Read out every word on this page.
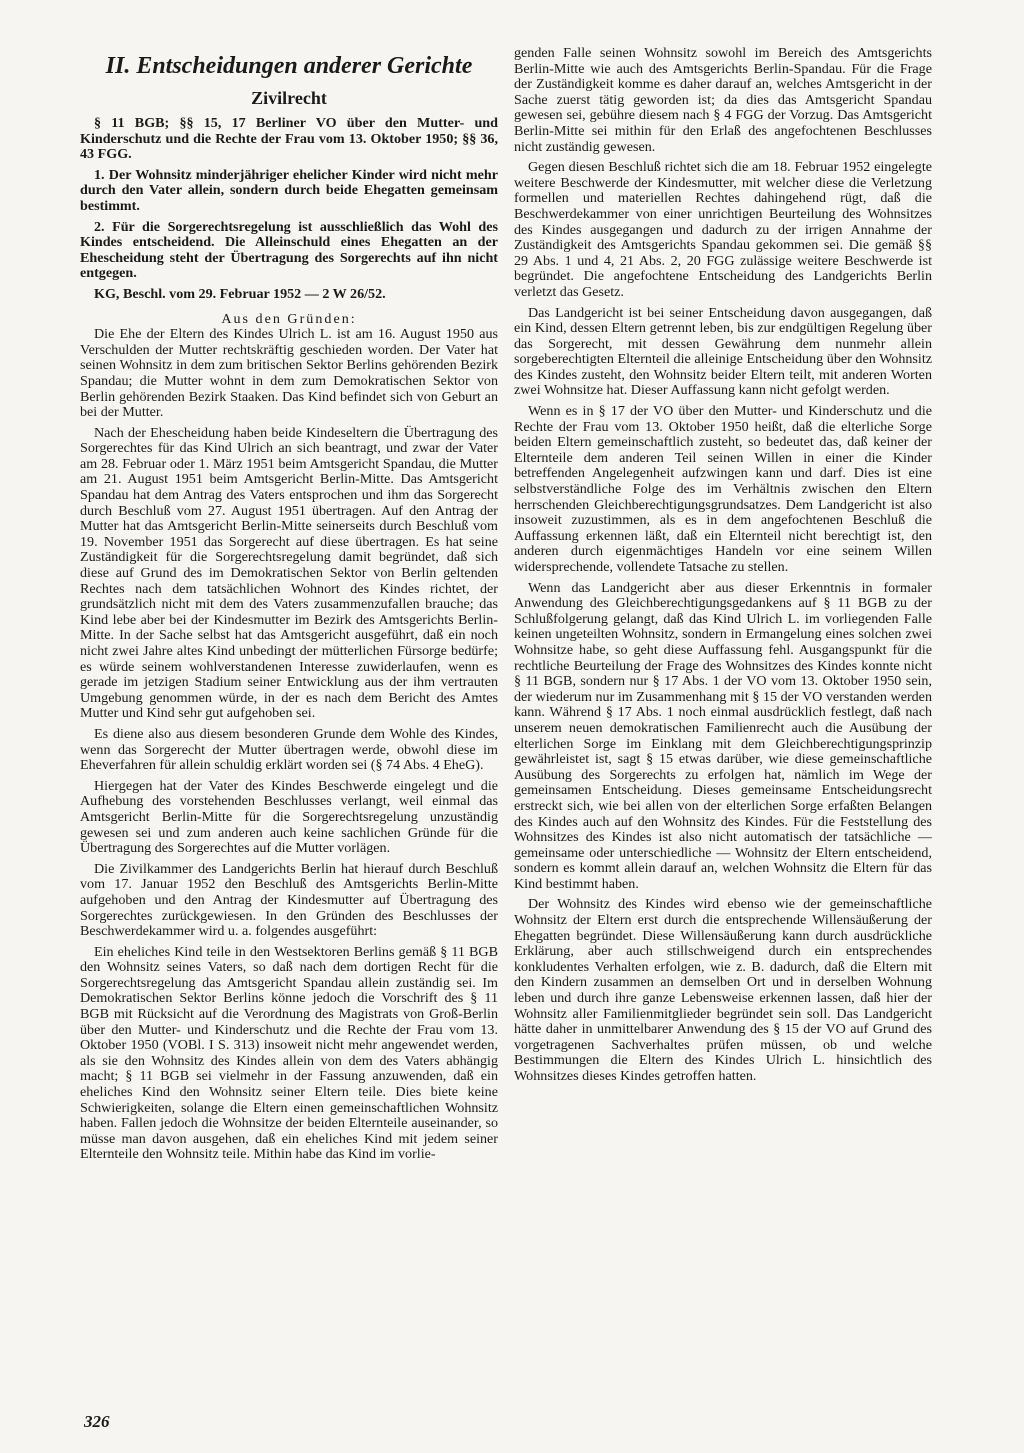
II. Entscheidungen anderer Gerichte
Zivilrecht

§ 11 BGB; §§ 15, 17 Berliner VO über den Mutter- und Kinderschutz und die Rechte der Frau vom 13. Oktober 1950; §§ 36, 43 FGG.

1. Der Wohnsitz minderjähriger ehelicher Kinder wird nicht mehr durch den Vater allein, sondern durch beide Ehegatten gemeinsam bestimmt.

2. Für die Sorgerechtsregelung ist ausschließlich das Wohl des Kindes entscheidend. Die Alleinschuld eines Ehegatten an der Ehescheidung steht der Übertragung des Sorgerechts auf ihn nicht entgegen.

KG, Beschl. vom 29. Februar 1952 — 2 W 26/52.

Aus den Gründen:

Die Ehe der Eltern des Kindes Ulrich L. ist am 16. August 1950 aus Verschulden der Mutter rechtskräftig geschieden worden. Der Vater hat seinen Wohnsitz in dem zum britischen Sektor Berlins gehörenden Bezirk Spandau; die Mutter wohnt in dem zum Demokratischen Sektor von Berlin gehörenden Bezirk Staaken. Das Kind befindet sich von Geburt an bei der Mutter.

Nach der Ehescheidung haben beide Kindeseltern die Übertragung des Sorgerechtes für das Kind Ulrich an sich beantragt, und zwar der Vater am 28. Februar oder 1. März 1951 beim Amtsgericht Spandau, die Mutter am 21. August 1951 beim Amtsgericht Berlin-Mitte. Das Amtsgericht Spandau hat dem Antrag des Vaters entsprochen und ihm das Sorgerecht durch Beschluß vom 27. August 1951 übertragen. Auf den Antrag der Mutter hat das Amtsgericht Berlin-Mitte seinerseits durch Beschluß vom 19. November 1951 das Sorgerecht auf diese übertragen. Es hat seine Zuständigkeit für die Sorgerechtsregelung damit begründet, daß sich diese auf Grund des im Demokratischen Sektor von Berlin geltenden Rechtes nach dem tatsächlichen Wohnort des Kindes richtet, der grundsätzlich nicht mit dem des Vaters zusammenzufallen brauche; das Kind lebe aber bei der Kindesmutter im Bezirk des Amtsgerichts Berlin-Mitte. In der Sache selbst hat das Amtsgericht ausgeführt, daß ein noch nicht zwei Jahre altes Kind unbedingt der mütterlichen Fürsorge bedürfe; es würde seinem wohlverstandenen Interesse zuwiderlaufen, wenn es gerade im jetzigen Stadium seiner Entwicklung aus der ihm vertrauten Umgebung genommen würde, in der es nach dem Bericht des Amtes Mutter und Kind sehr gut aufgehoben sei.

Es diene also aus diesem besonderen Grunde dem Wohle des Kindes, wenn das Sorgerecht der Mutter übertragen werde, obwohl diese im Eheverfahren für allein schuldig erklärt worden sei (§ 74 Abs. 4 EheG).

Hiergegen hat der Vater des Kindes Beschwerde eingelegt und die Aufhebung des vorstehenden Beschlusses verlangt, weil einmal das Amtsgericht Berlin-Mitte für die Sorgerechtsregelung unzuständig gewesen sei und zum anderen auch keine sachlichen Gründe für die Übertragung des Sorgerechtes auf die Mutter vorlägen.

Die Zivilkammer des Landgerichts Berlin hat hierauf durch Beschluß vom 17. Januar 1952 den Beschluß des Amtsgerichts Berlin-Mitte aufgehoben und den Antrag der Kindesmutter auf Übertragung des Sorgerechtes zurückgewiesen. In den Gründen des Beschlusses der Beschwerdekammer wird u. a. folgendes ausgeführt:

Ein eheliches Kind teile in den Westsektoren Berlins gemäß § 11 BGB den Wohnsitz seines Vaters, so daß nach dem dortigen Recht für die Sorgerechtsregelung das Amtsgericht Spandau allein zuständig sei. Im Demokratischen Sektor Berlins könne jedoch die Vorschrift des § 11 BGB mit Rücksicht auf die Verordnung des Magistrats von Groß-Berlin über den Mutter- und Kinderschutz und die Rechte der Frau vom 13. Oktober 1950 (VOBl. I S. 313) insoweit nicht mehr angewendet werden, als sie den Wohnsitz des Kindes allein von dem des Vaters abhängig macht; § 11 BGB sei vielmehr in der Fassung anzuwenden, daß ein eheliches Kind den Wohnsitz seiner Eltern teile. Dies biete keine Schwierigkeiten, solange die Eltern einen gemeinschaftlichen Wohnsitz haben. Fallen jedoch die Wohnsitze der beiden Elternteile auseinander, so müsse man davon ausgehen, daß ein eheliches Kind mit jedem seiner Elternteile den Wohnsitz teile. Mithin habe das Kind im vorlie-

genden Falle seinen Wohnsitz sowohl im Bereich des Amtsgerichts Berlin-Mitte wie auch des Amtsgerichts Berlin-Spandau. Für die Frage der Zuständigkeit komme es daher darauf an, welches Amtsgericht in der Sache zuerst tätig geworden ist; da dies das Amtsgericht Spandau gewesen sei, gebühre diesem nach § 4 FGG der Vorzug. Das Amtsgericht Berlin-Mitte sei mithin für den Erlaß des angefochtenen Beschlusses nicht zuständig gewesen.

Gegen diesen Beschluß richtet sich die am 18. Februar 1952 eingelegte weitere Beschwerde der Kindesmutter, mit welcher diese die Verletzung formellen und materiellen Rechtes dahingehend rügt, daß die Beschwerdekammer von einer unrichtigen Beurteilung des Wohnsitzes des Kindes ausgegangen und dadurch zu der irrigen Annahme der Zuständigkeit des Amtsgerichts Spandau gekommen sei. Die gemäß §§ 29 Abs. 1 und 4, 21 Abs. 2, 20 FGG zulässige weitere Beschwerde ist begründet. Die angefochtene Entscheidung des Landgerichts Berlin verletzt das Gesetz.

Das Landgericht ist bei seiner Entscheidung davon ausgegangen, daß ein Kind, dessen Eltern getrennt leben, bis zur endgültigen Regelung über das Sorgerecht, mit dessen Gewährung dem nunmehr allein sorgeberechtigten Elternteil die alleinige Entscheidung über den Wohnsitz des Kindes zusteht, den Wohnsitz beider Eltern teilt, mit anderen Worten zwei Wohnsitze hat. Dieser Auffassung kann nicht gefolgt werden.

Wenn es in § 17 der VO über den Mutter- und Kinderschutz und die Rechte der Frau vom 13. Oktober 1950 heißt, daß die elterliche Sorge beiden Eltern gemeinschaftlich zusteht, so bedeutet das, daß keiner der Elternteile dem anderen Teil seinen Willen in einer die Kinder betreffenden Angelegenheit aufzwingen kann und darf. Dies ist eine selbstverständliche Folge des im Verhältnis zwischen den Eltern herrschenden Gleichberechtigungsgrundsatzes. Dem Landgericht ist also insoweit zuzustimmen, als es in dem angefochtenen Beschluß die Auffassung erkennen läßt, daß ein Elternteil nicht berechtigt ist, den anderen durch eigenmächtiges Handeln vor eine seinem Willen widersprechende, vollendete Tatsache zu stellen.

Wenn das Landgericht aber aus dieser Erkenntnis in formaler Anwendung des Gleichberechtigungsgedankens auf § 11 BGB zu der Schlußfolgerung gelangt, daß das Kind Ulrich L. im vorliegenden Falle keinen ungeteilten Wohnsitz, sondern in Ermangelung eines solchen zwei Wohnsitze habe, so geht diese Auffassung fehl. Ausgangspunkt für die rechtliche Beurteilung der Frage des Wohnsitzes des Kindes konnte nicht § 11 BGB, sondern nur § 17 Abs. 1 der VO vom 13. Oktober 1950 sein, der wiederum nur im Zusammenhang mit § 15 der VO verstanden werden kann. Während § 17 Abs. 1 noch einmal ausdrücklich festlegt, daß nach unserem neuen demokratischen Familienrecht auch die Ausübung der elterlichen Sorge im Einklang mit dem Gleichberechtigungsprinzip gewährleistet ist, sagt § 15 etwas darüber, wie diese gemeinschaftliche Ausübung des Sorgerechts zu erfolgen hat, nämlich im Wege der gemeinsamen Entscheidung. Dieses gemeinsame Entscheidungsrecht erstreckt sich, wie bei allen von der elterlichen Sorge erfaßten Belangen des Kindes auch auf den Wohnsitz des Kindes. Für die Feststellung des Wohnsitzes des Kindes ist also nicht automatisch der tatsächliche — gemeinsame oder unterschiedliche — Wohnsitz der Eltern entscheidend, sondern es kommt allein darauf an, welchen Wohnsitz die Eltern für das Kind bestimmt haben.

Der Wohnsitz des Kindes wird ebenso wie der gemeinschaftliche Wohnsitz der Eltern erst durch die entsprechende Willensäußerung der Ehegatten begründet. Diese Willensäußerung kann durch ausdrückliche Erklärung, aber auch stillschweigend durch ein entsprechendes konkludentes Verhalten erfolgen, wie z. B. dadurch, daß die Eltern mit den Kindern zusammen an demselben Ort und in derselben Wohnung leben und durch ihre ganze Lebensweise erkennen lassen, daß hier der Wohnsitz aller Familienmitglieder begründet sein soll. Das Landgericht hätte daher in unmittelbarer Anwendung des § 15 der VO auf Grund des vorgetragenen Sachverhaltes prüfen müssen, ob und welche Bestimmungen die Eltern des Kindes Ulrich L. hinsichtlich des Wohnsitzes dieses Kindes getroffen hatten.

326
